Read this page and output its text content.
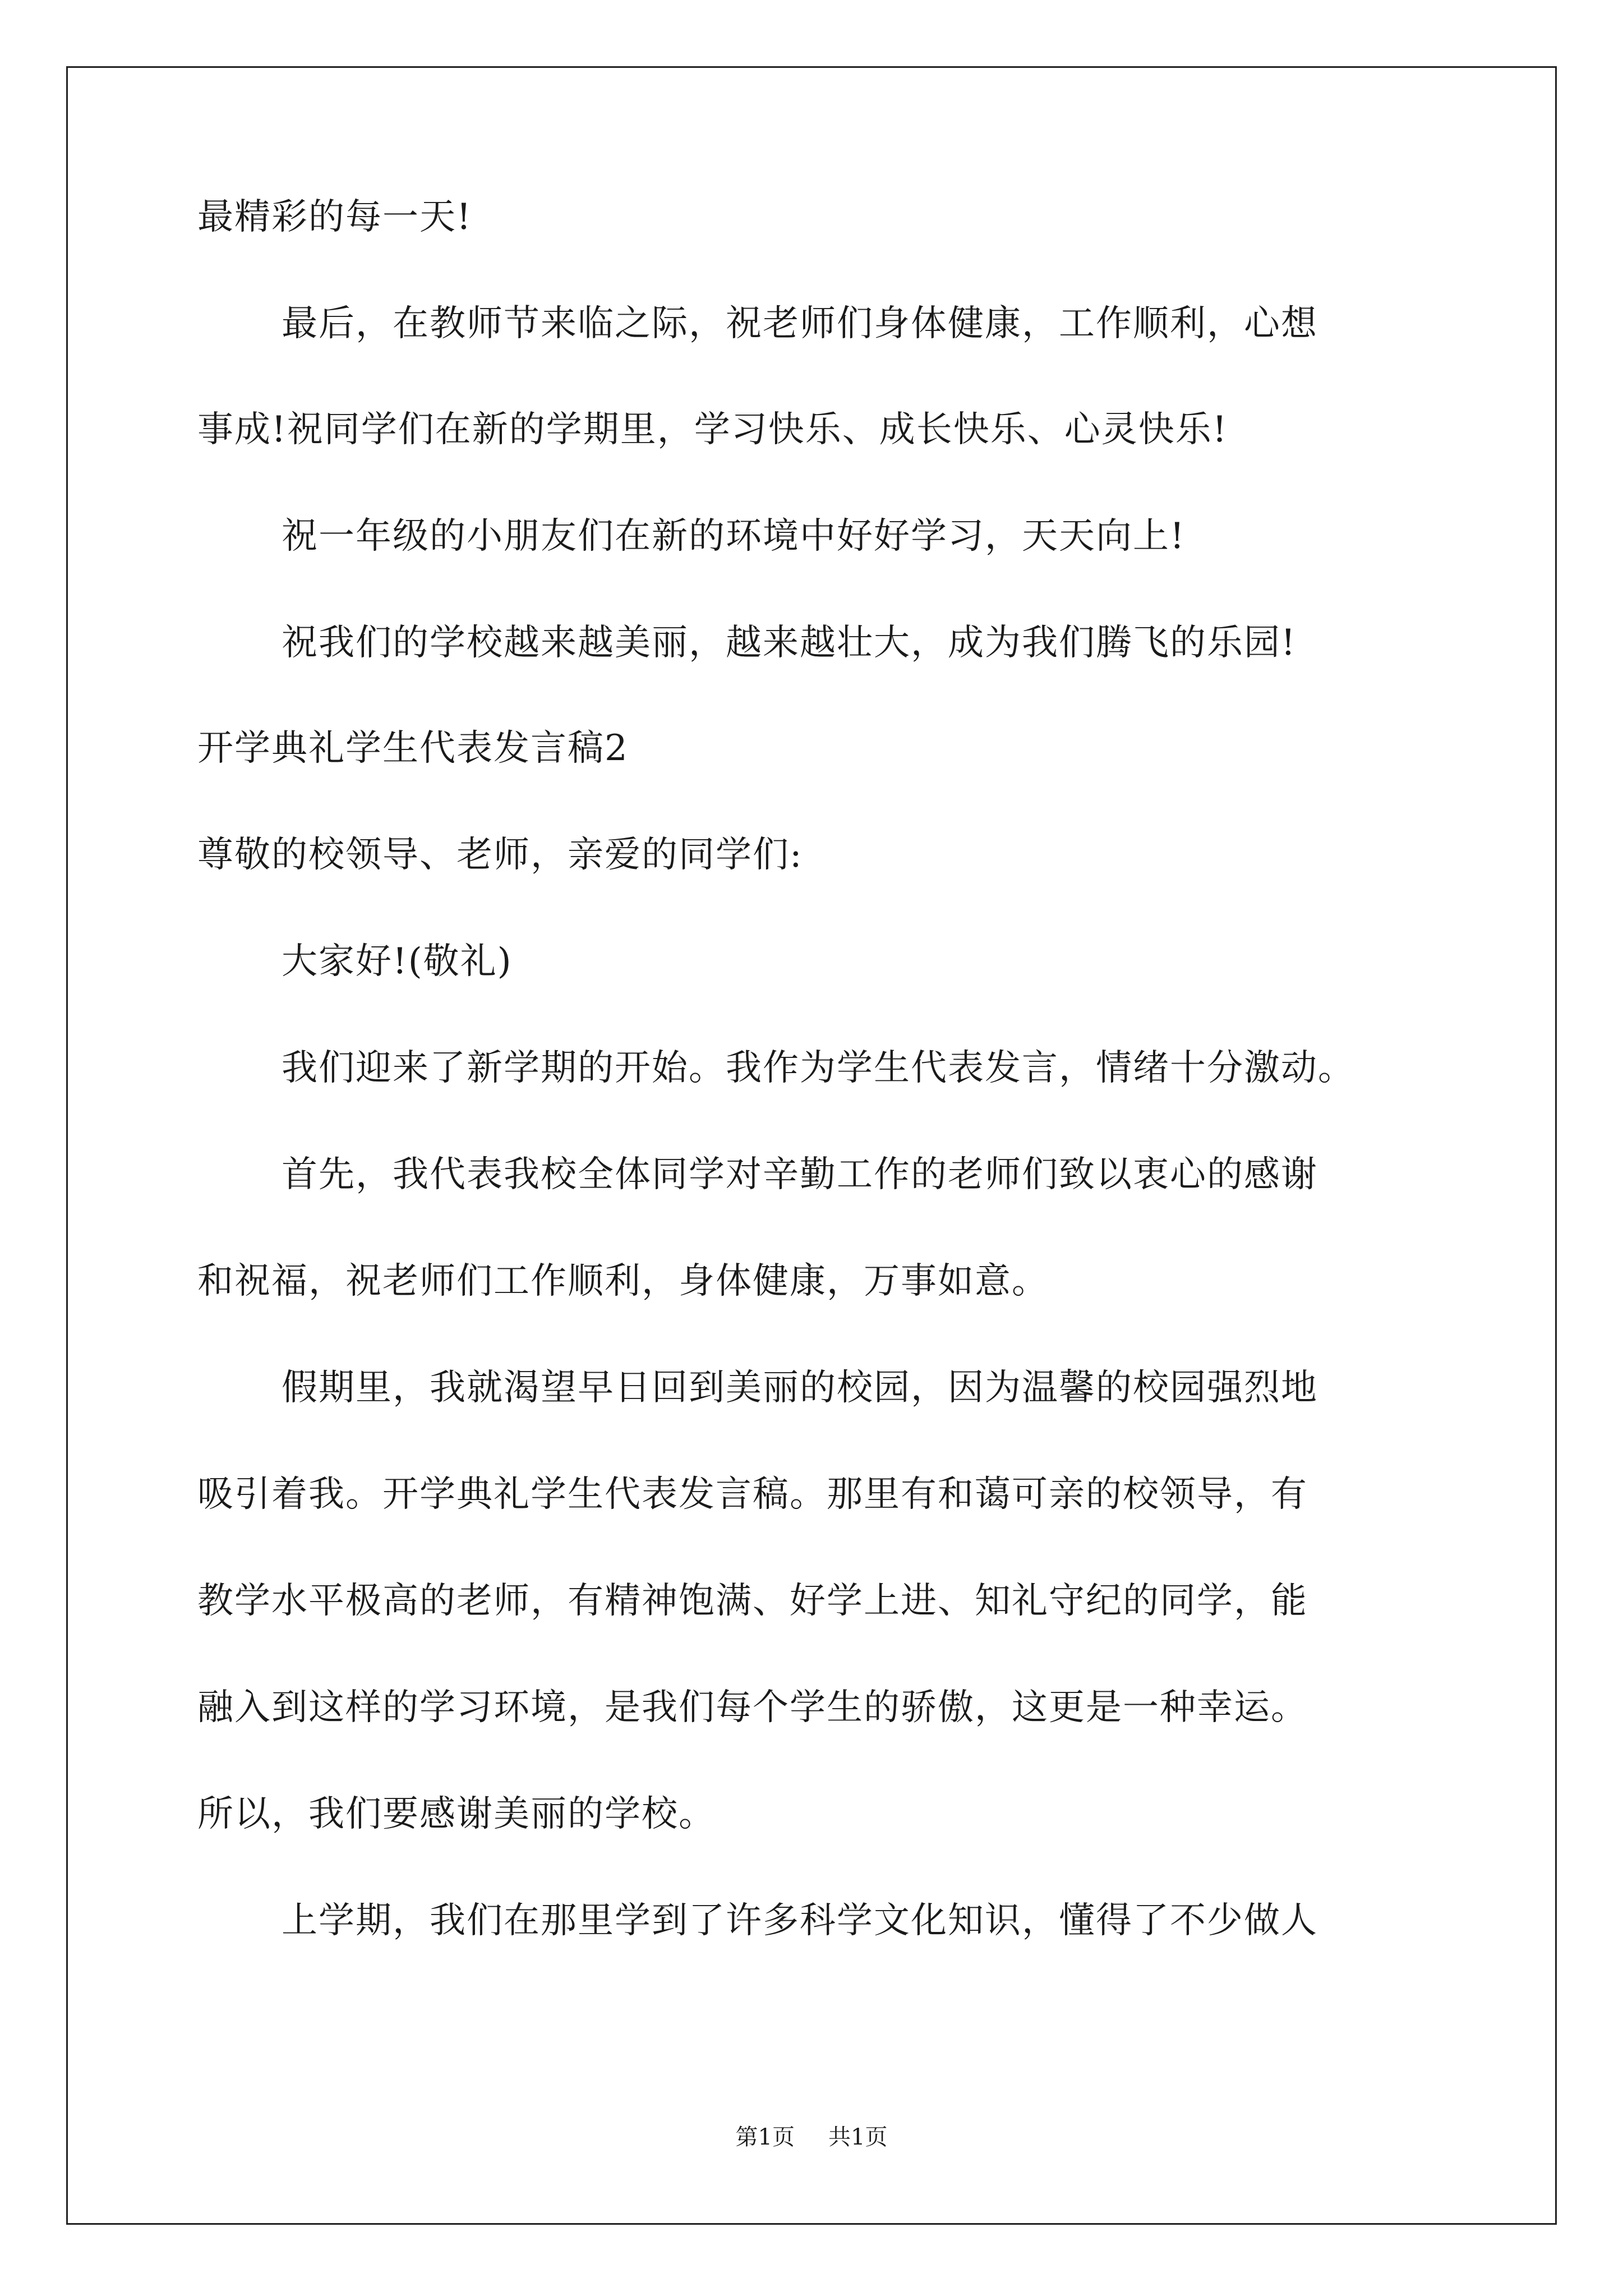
最精彩的每一天!

最后，在教师节来临之际，祝老师们身体健康，工作顺利，心想

事成!祝同学们在新的学期里，学习快乐、成长快乐、心灵快乐!

祝一年级的小朋友们在新的环境中好好学习，天天向上!

祝我们的学校越来越美丽，越来越壮大，成为我们腾飞的乐园!

开学典礼学生代表发言稿2

尊敬的校领导、老师，亲爱的同学们:

大家好!(敬礼)

我们迎来了新学期的开始。我作为学生代表发言，情绪十分激动。

首先，我代表我校全体同学对辛勤工作的老师们致以衷心的感谢

和祝福，祝老师们工作顺利，身体健康，万事如意。

假期里，我就渴望早日回到美丽的校园，因为温馨的校园强烈地

吸引着我。开学典礼学生代表发言稿。那里有和蔼可亲的校领导，有

教学水平极高的老师，有精神饱满、好学上进、知礼守纪的同学，能

融入到这样的学习环境，是我们每个学生的骄傲，这更是一种幸运。

所以，我们要感谢美丽的学校。

上学期，我们在那里学到了许多科学文化知识，懂得了不少做人

第1页 共1页
